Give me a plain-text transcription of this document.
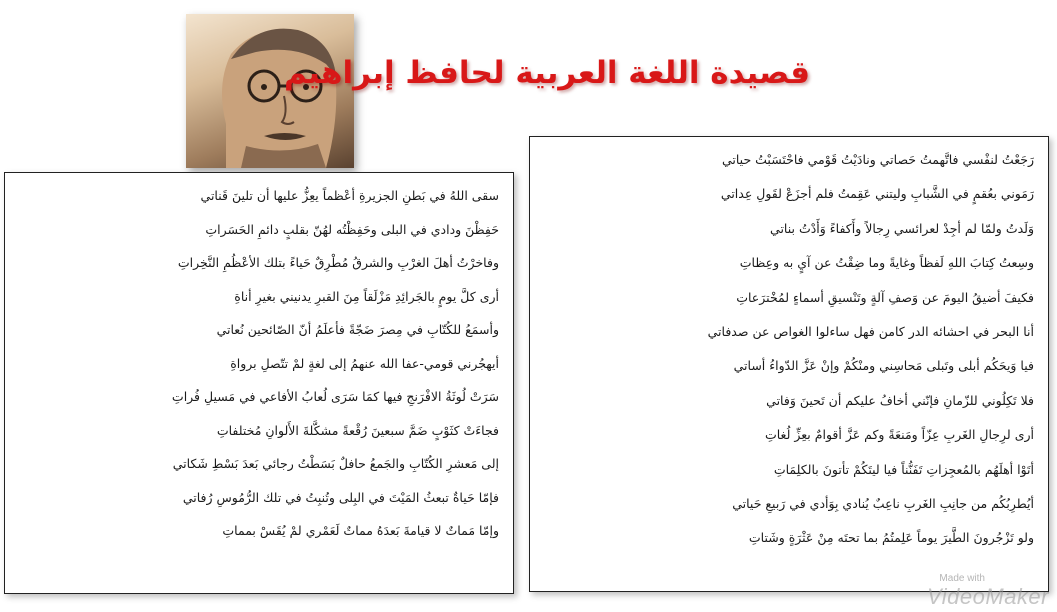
قصيدة اللغة العربية لحافظ إبراهيم
سقى اللهُ في بَطنِ الجزيرةِ أعْظماً يعِزُّ عليها أن تلينَ قَناتي
حَفِظْنَ ودادي في البلى وحَفِظْتُه لهُنّ بقلبٍ دائمِ الحَسَراتِ
وفاخرْتُ أهلَ الغرْبِ والشرقُ مُطْرِقٌ حَياءً بتلك الأعْظُمِ النَّخِراتِ
أرى كلَّ يومٍ بالجَرائِدِ مَزْلَقاً مِنَ القبرِ يدنيني بغيرِ أناةِ
وأسمَعُ للكُتّابِ في مِصرَ ضَجّةً فأعلَمُ أنّ الصّائحين نُعاتي
أيهجُرني قومي-عفا الله عنهمُ إلى لغةٍ لمْ تتّصلِ برواةِ
سَرَتْ لُوثَةُ الافْرَنجِ فيها كمَا سَرَى لُعابُ الأفاعي في مَسيلِ فُراتِ
فجاءَتْ كثَوْبٍ ضَمَّ سبعينَ رُقْعةً مشكَّلةَ الأَلوانِ مُختلفاتِ
إلى مَعشرِ الكُتّابِ والجَمعُ حافلٌ بَسَطْتُ رجائي بَعدَ بَسْطِ شَكاتي
فإمّا حَياةٌ تبعثُ المَيْتَ في البِلى وتُنبِتُ في تلك الرُّمُوسِ رُفاتي
وإمّا مَماتٌ لا قيامةَ بَعدَهُ مماتٌ لَعَمْري لمْ يُقَسْ بمماتِ
رَجَعْتُ لنفْسي فاتَّهمتُ حَصاتي ونادَيْتُ قَوْمي فاحْتَسَبْتُ حياتي
رَمَوني بعُقمٍ في الشَّبابِ وليتني عَقِمتُ فلم أجزَعْ لقَولِ عِداتي
وَلَدتُ ولمّا لم أجِدْ لعرائسي رِجالاً وأَكفاءً وَأَدْتُ بناتي
وسِعتُ كِتابَ اللهِ لَفظاً وغايةً وما ضِقْتُ عن آيٍ به وعِظاتِ
فكيفَ أضيقُ اليومَ عن وَصفِ آلةٍ وتَنْسيقِ أسماءٍ لمُخْترَعاتِ
أنا البحر في احشائه الدر كامن فهل ساءلوا الغواص عن صدفاتي
فيا وَيحَكُم أبلى وتَبلى مَحاسِني ومنْكُمْ وإنْ عَزَّ الدّواءُ أساتي
فلا تَكِلُوني للزّمانِ فإنّني أخافُ عليكم أن تَحينَ وَفاتي
أرى لرِجالِ الغَربِ عِزّاً ومَنعَةً وكم عَزَّ أقوامٌ بعِزِّ لُغاتِ
أتَوْا أهلَهُم بالمُعجِزاتِ تَفَنُّناً فيا ليتَكُمْ تأتونَ بالكلِمَاتِ
أيُطرِبُكُم من جانِبِ الغَربِ ناعِبٌ يُنادي بِوَأدي في رَبيعِ حَياتي
ولو تَزْجُرونَ الطَّيرَ يوماً عَلِمتُمُ بما تحتَه مِنْ عَثْرَةٍ وشَتاتِ
Made with
VideoMaker
